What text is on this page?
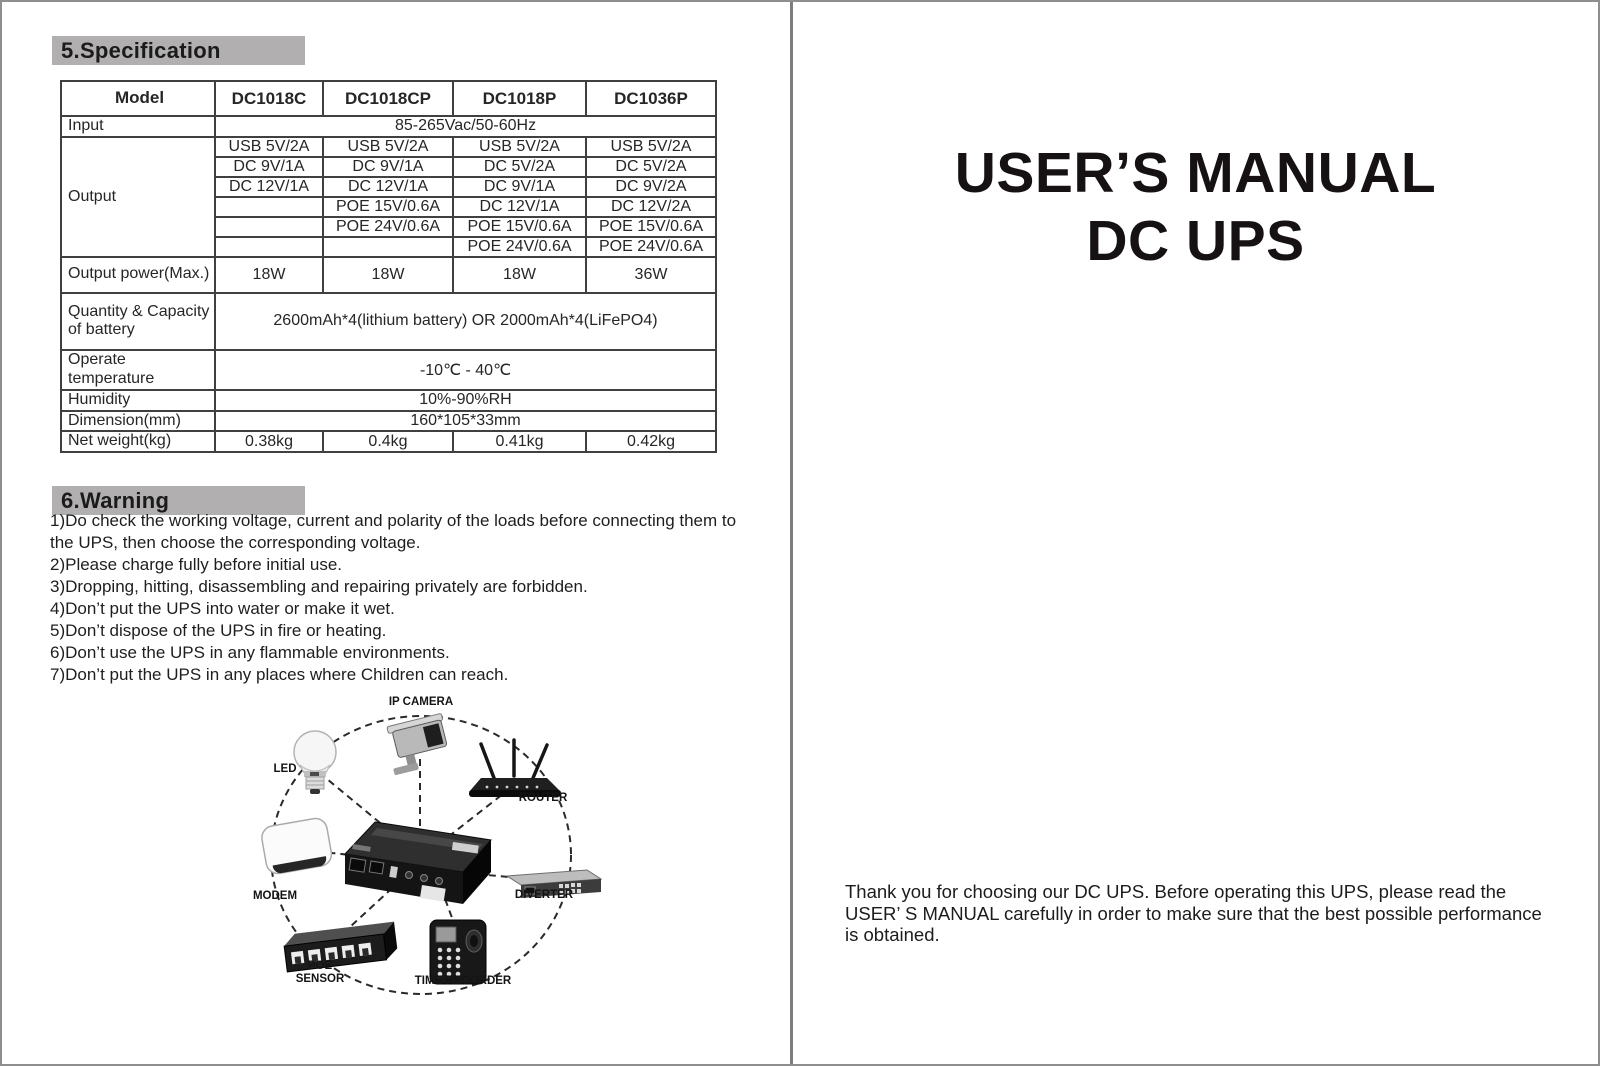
5.Specification
Model	DC1018C	DC1018CP	DC1018P	DC1036P
Input	85-265Vac/50-60Hz			
Output	USB 5V/2A	USB 5V/2A	USB 5V/2A	USB 5V/2A
	DC 9V/1A	DC 9V/1A	DC 5V/2A	DC 5V/2A
	DC 12V/1A	DC 12V/1A	DC 9V/1A	DC 9V/2A
		POE 15V/0.6A	DC 12V/1A	DC 12V/2A
		POE 24V/0.6A	POE 15V/0.6A	POE 15V/0.6A
			POE 24V/0.6A	POE 24V/0.6A
Output power(Max.)	18W	18W	18W	36W
Quantity & Capacity of battery	2600mAh*4(lithium battery) OR 2000mAh*4(LiFePO4)			
Operate temperature	-10℃ - 40℃			
Humidity	10%-90%RH			
Dimension(mm)	160*105*33mm			
Net weight(kg)	0.38kg	0.4kg	0.41kg	0.42kg
6.Warning
1)Do check the working voltage, current and polarity of the loads before connecting them to the UPS, then choose the corresponding voltage.
2)Please charge fully before initial use.
3)Dropping, hitting, disassembling and repairing privately are forbidden.
4)Don’t put the UPS into water or make it wet.
5)Don’t dispose of the UPS in fire or heating.
6)Don’t use the UPS in any flammable environments.
7)Don’t put the UPS in any places where Children can reach.
IP CAMERA
LED
ROUTER
MODEM	DIVERTER
POE
SENSOR	TIME RECORDER
USER’S MANUAL
DC UPS
Thank you for choosing our DC UPS. Before operating this UPS, please read the USER’ S MANUAL carefully in order to make sure that the best possible performance is obtained.
